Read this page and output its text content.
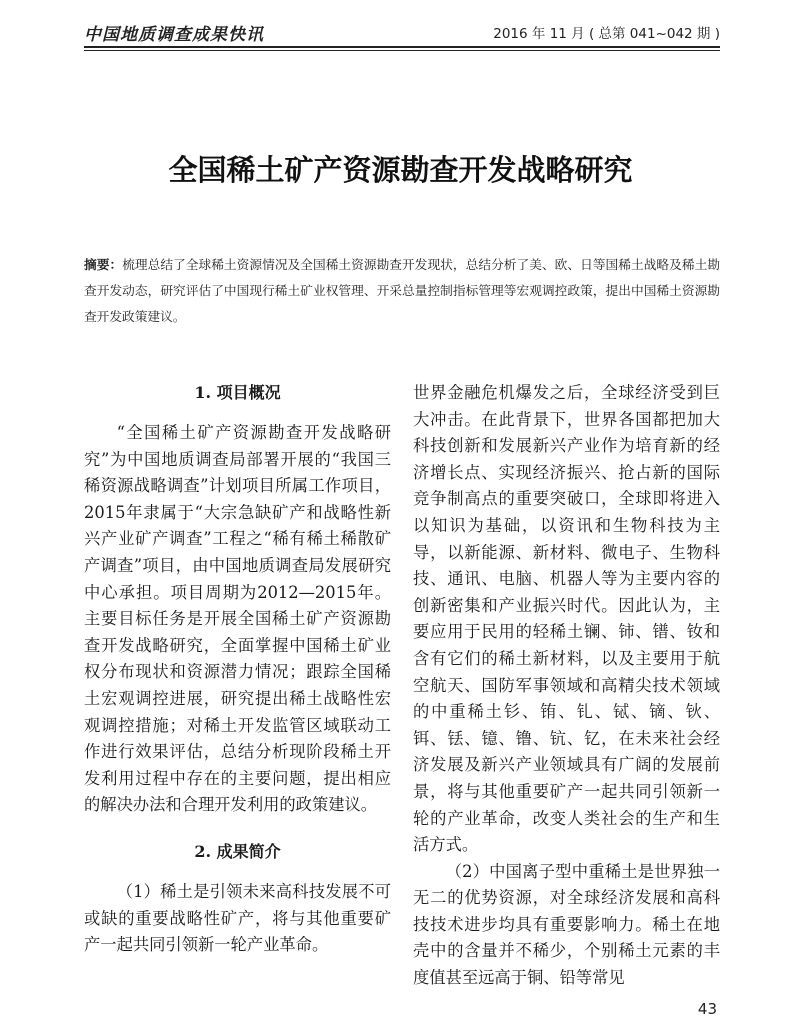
中国地质调查成果快讯	2016 年 11 月 ( 总第 041~042 期 )
全国稀土矿产资源勘查开发战略研究
摘要：梳理总结了全球稀土资源情况及全国稀土资源勘查开发现状，总结分析了美、欧、日等国稀土战略及稀土勘查开发动态，研究评估了中国现行稀土矿业权管理、开采总量控制指标管理等宏观调控政策，提出中国稀土资源勘查开发政策建议。
1. 项目概况

“全国稀土矿产资源勘查开发战略研究”为中国地质调查局部署开展的“我国三稀资源战略调查”计划项目所属工作项目，2015年隶属于“大宗急缺矿产和战略性新兴产业矿产调查”工程之“稀有稀土稀散矿产调查”项目，由中国地质调查局发展研究中心承担。项目周期为2012—2015年。主要目标任务是开展全国稀土矿产资源勘查开发战略研究，全面掌握中国稀土矿业权分布现状和资源潜力情况；跟踪全国稀土宏观调控进展，研究提出稀土战略性宏观调控措施；对稀土开发监管区域联动工作进行效果评估，总结分析现阶段稀土开发利用过程中存在的主要问题，提出相应的解决办法和合理开发利用的政策建议。

2. 成果简介

（1）稀土是引领未来高科技发展不可或缺的重要战略性矿产，将与其他重要矿产一起共同引领新一轮产业革命。

世界金融危机爆发之后，全球经济受到巨大冲击。在此背景下，世界各国都把加大科技创新和发展新兴产业作为培育新的经济增长点、实现经济振兴、抢占新的国际竞争制高点的重要突破口，全球即将进入以知识为基础，以资讯和生物科技为主导，以新能源、新材料、微电子、生物科技、通讯、电脑、机器人等为主要内容的创新密集和产业振兴时代。因此认为，主要应用于民用的轻稀土镧、铈、镨、钕和含有它们的稀土新材料，以及主要用于航空航天、国防军事领域和高精尖技术领域的中重稀土钐、铕、钆、铽、镝、钬、铒、铥、镱、镥、钪、钇，在未来社会经济发展及新兴产业领域具有广阔的发展前景，将与其他重要矿产一起共同引领新一轮的产业革命，改变人类社会的生产和生活方式。

（2）中国离子型中重稀土是世界独一无二的优势资源，对全球经济发展和高科技技术进步均具有重要影响力。稀土在地壳中的含量并不稀少，个别稀土元素的丰度值甚至远高于铜、铅等常见

43
